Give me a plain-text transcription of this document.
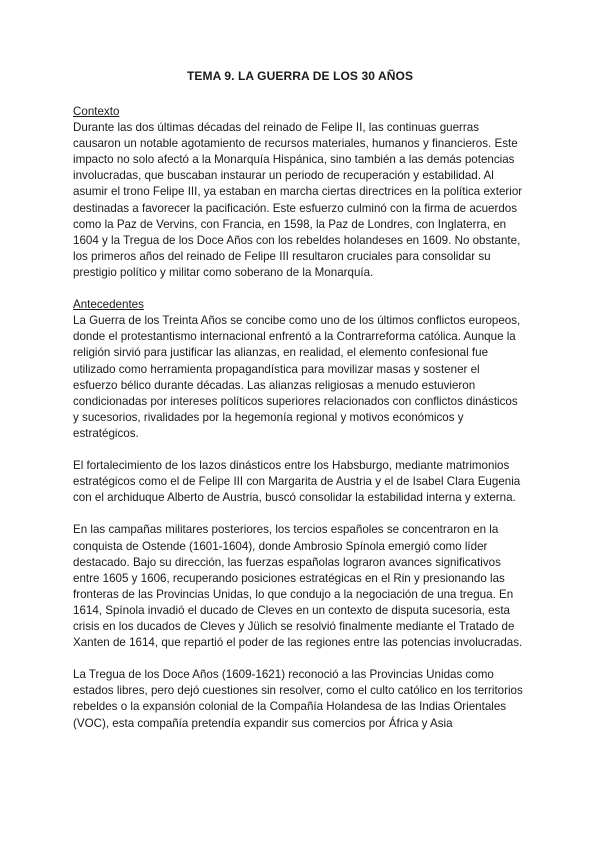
TEMA 9. LA GUERRA DE LOS 30 AÑOS
Contexto

Durante las dos últimas décadas del reinado de Felipe II, las continuas guerras causaron un notable agotamiento de recursos materiales, humanos y financieros. Este impacto no solo afectó a la Monarquía Hispánica, sino también a las demás potencias involucradas, que buscaban instaurar un periodo de recuperación y estabilidad. Al asumir el trono Felipe III, ya estaban en marcha ciertas directrices en la política exterior destinadas a favorecer la pacificación. Este esfuerzo culminó con la firma de acuerdos como la Paz de Vervins, con Francia, en 1598, la Paz de Londres, con Inglaterra, en 1604 y la Tregua de los Doce Años con los rebeldes holandeses en 1609. No obstante, los primeros años del reinado de Felipe III resultaron cruciales para consolidar su prestigio político y militar como soberano de la Monarquía.

Antecedentes

La Guerra de los Treinta Años se concibe como uno de los últimos conflictos europeos, donde el protestantismo internacional enfrentó a la Contrarreforma católica. Aunque la religión sirvió para justificar las alianzas, en realidad, el elemento confesional fue utilizado como herramienta propagandística para movilizar masas y sostener el esfuerzo bélico durante décadas. Las alianzas religiosas a menudo estuvieron condicionadas por intereses políticos superiores relacionados con conflictos dinásticos y sucesorios, rivalidades por la hegemonía regional y motivos económicos y estratégicos.

El fortalecimiento de los lazos dinásticos entre los Habsburgo, mediante matrimonios estratégicos como el de Felipe III con Margarita de Austria y el de Isabel Clara Eugenia con el archiduque Alberto de Austria, buscó consolidar la estabilidad interna y externa.

En las campañas militares posteriores, los tercios españoles se concentraron en la conquista de Ostende (1601-1604), donde Ambrosio Spínola emergió como líder destacado. Bajo su dirección, las fuerzas españolas lograron avances significativos entre 1605 y 1606, recuperando posiciones estratégicas en el Rin y presionando las fronteras de las Provincias Unidas, lo que condujo a la negociación de una tregua. En 1614, Spínola invadió el ducado de Cleves en un contexto de disputa sucesoria, esta crisis en los ducados de Cleves y Jülich se resolvió finalmente mediante el Tratado de Xanten de 1614, que repartió el poder de las regiones entre las potencias involucradas.

La Tregua de los Doce Años (1609-1621) reconoció a las Provincias Unidas como estados libres, pero dejó cuestiones sin resolver, como el culto católico en los territorios rebeldes o la expansión colonial de la Compañía Holandesa de las Indias Orientales (VOC), esta compañía pretendía expandir sus comercios por África y Asia
